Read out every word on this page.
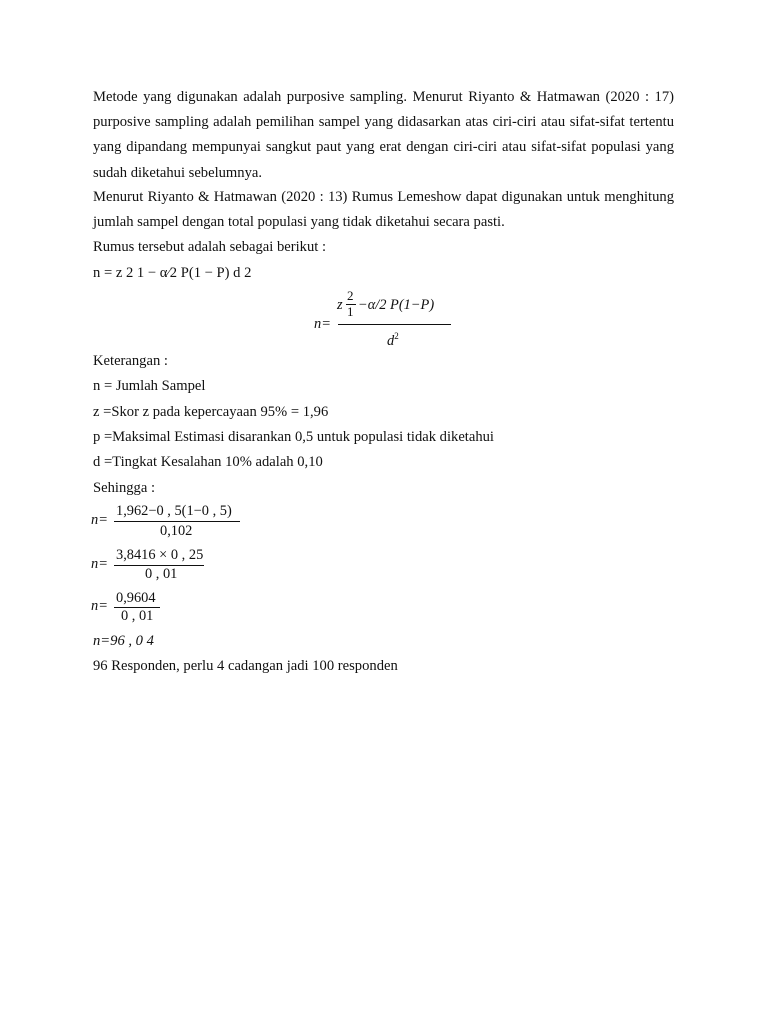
Metode yang digunakan adalah purposive sampling. Menurut Riyanto & Hatmawan (2020 : 17) purposive sampling adalah pemilihan sampel yang didasarkan atas ciri-ciri atau sifat-sifat tertentu yang dipandang mempunyai sangkut paut yang erat dengan ciri-ciri atau sifat-sifat populasi yang sudah diketahui sebelumnya.

Menurut Riyanto & Hatmawan (2020 : 13) Rumus Lemeshow dapat digunakan untuk menghitung jumlah sampel dengan total populasi yang tidak diketahui secara pasti.

Rumus tersebut adalah sebagai berikut :

n = z 2 1 − α⁄2 P(1 − P) d 2

n=
z
2
1 −α/2 P(1−P)
$d^2$

Keterangan :

n = Jumlah Sampel

z =Skor z pada kepercayaan 95% = 1,96

p =Maksimal Estimasi disarankan 0,5 untuk populasi tidak diketahui

d =Tingkat Kesalahan 10% adalah 0,10

Sehingga :

n=
1,962−0 , 5(1−0 , 5)
0,102
n=
3,8416 × 0 , 25
0 , 01
n= 0,9604
0 , 01

n=96 , 0 4

96 Responden, perlu 4 cadangan jadi 100 responden
